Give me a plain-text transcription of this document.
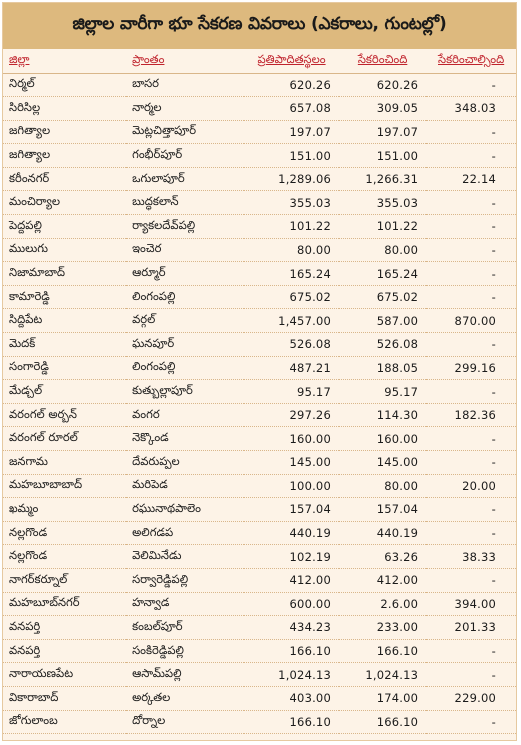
జిల్లాల వారీగా భూ సేకరణ వివరాలు (ఎకరాలు, గుంటల్లో)
జిల్లా	ప్రాంతం	ప్రతిపాదితస్థలం	సేకరించింది	సేకరించాల్సింది
నిర్మల్	బాసర	620.26	620.26	-
సిరిసిల్ల	నార్మల	657.08	309.05	348.03
జగిత్యాల	మెట్లచిత్తాపూర్	197.07	197.07	-
జగిత్యాల	గంభీర్‌పూర్	151.00	151.00	-
కరీంనగర్	ఒగులాపూర్	1,289.06	1,266.31	22.14
మంచిర్యాల	బుద్ధకలాన్	355.03	355.03	-
పెద్దపల్లి	ర్యాకలదేవ్‌పల్లి	101.22	101.22	-
ములుగు	ఇంచెర	80.00	80.00	-
నిజామాబాద్	ఆర్మూర్	165.24	165.24	-
కామారెడ్డి	లింగంపల్లి	675.02	675.02	-
సిద్దిపేట	వర్గల్	1,457.00	587.00	870.00
మెదక్	ఘనపూర్	526.08	526.08	-
సంగారెడ్డి	లింగంపల్లి	487.21	188.05	299.16
మేడ్చల్	కుత్బుల్లాపూర్	95.17	95.17	-
వరంగల్ అర్బన్	వంగర	297.26	114.30	182.36
వరంగల్ రూరల్	నెక్కొండ	160.00	160.00	-
జనగామ	దేవరుప్పల	145.00	145.00	-
మహబూబాబాద్	మరిపెడ	100.00	80.00	20.00
ఖమ్మం	రఘునాథపాలెం	157.04	157.04	-
నల్లగొండ	అలిగడప	440.19	440.19	-
నల్లగొండ	వెలిమినేడు	102.19	63.26	38.33
నాగర్‌కర్నూల్	సర్వారెడ్డిపల్లి	412.00	412.00	-
మహబూబ్‌నగర్	హన్వాడ	600.00	2.6.00	394.00
వనపర్తి	కంబల్‌పూర్	434.23	233.00	201.33
వనపర్తి	సంకిరెడ్డిపల్లి	166.10	166.10	-
నారాయణపేట	ఆసామ్‌పల్లి	1,024.13	1,024.13	-
వికారాబాద్	అర్కతల	403.00	174.00	229.00
జోగులాంబ	దోర్నాల	166.10	166.10	-
